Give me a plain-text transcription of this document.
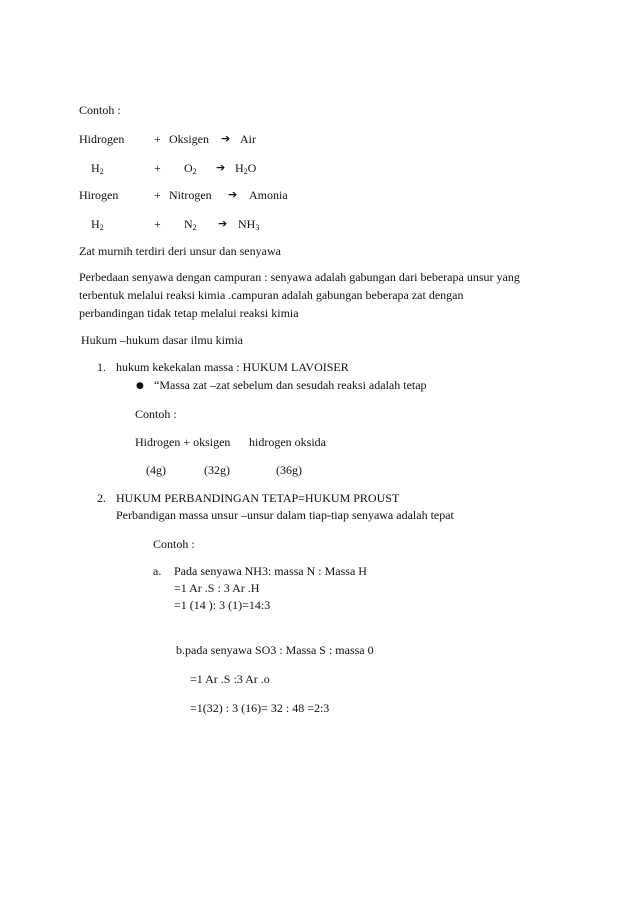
Contoh :
Hidrogen + Oksigen ➔ Air
$H_2$	+ $O_2$ ➔ $H_2O$
Hirogen	+ Nitrogen ➔ Amonia
$H_2$	+ $N_2$ ➔ $NH_3$
Zat murnih terdiri deri unsur dan senyawa
Perbedaan senyawa dengan campuran : senyawa adalah gabungan dari beberapa unsur yang
terbentuk melalui reaksi kimia .campuran adalah gabungan beberapa zat dengan
perbandingan tidak tetap melalui reaksi kimia
Hukum –hukum dasar ilmu kimia
1. hukum kekekalan massa : HUKUM LAVOISER
● “Massa zat –zat sebelum dan sesudah reaksi adalah tetap
Contoh :
Hidrogen + oksigen hidrogen oksida
(4g)	(32g)	(36g)
2. HUKUM PERBANDINGAN TETAP=HUKUM PROUST
Perbandigan massa unsur –unsur dalam tiap-tiap senyawa adalah tepat
Contoh :
a. Pada senyawa NH3: massa N : Massa H
=1 Ar .S : 3 Ar .H
=1 (14 ): 3 (1)=14:3
b.pada senyawa SO3 : Massa S : massa 0
=1 Ar .S :3 Ar .o
=1(32) : 3 (16)= 32 : 48 =2:3
